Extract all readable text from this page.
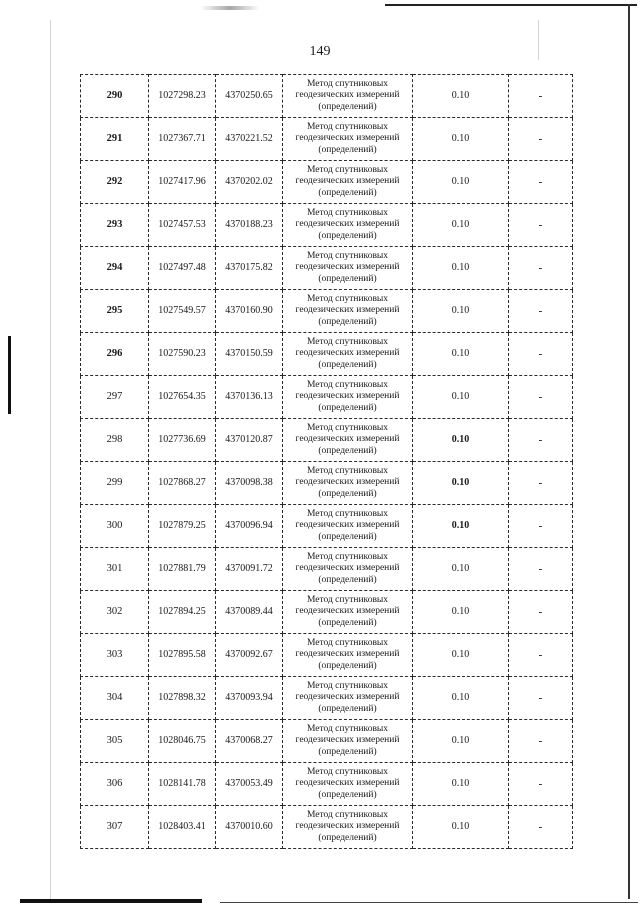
149
290	1027298.23	4370250.65	Метод спутниковых
геодезических измерений
(определений)	0.10	-
291	1027367.71	4370221.52	Метод спутниковых
геодезических измерений
(определений)	0.10	-
292	1027417.96	4370202.02	Метод спутниковых
геодезических измерений
(определений)	0.10	-
293	1027457.53	4370188.23	Метод спутниковых
геодезических измерений
(определений)	0.10	-
294	1027497.48	4370175.82	Метод спутниковых
геодезических измерений
(определений)	0.10	-
295	1027549.57	4370160.90	Метод спутниковых
геодезических измерений
(определений)	0.10	-
296	1027590.23	4370150.59	Метод спутниковых
геодезических измерений
(определений)	0.10	-
297	1027654.35	4370136.13	Метод спутниковых
геодезических измерений
(определений)	0.10	-
298	1027736.69	4370120.87	Метод спутниковых
геодезических измерений
(определений)	0.10	-
299	1027868.27	4370098.38	Метод спутниковых
геодезических измерений
(определений)	0.10	-
300	1027879.25	4370096.94	Метод спутниковых
геодезических измерений
(определений)	0.10	-
301	1027881.79	4370091.72	Метод спутниковых
геодезических измерений
(определений)	0.10	-
302	1027894.25	4370089.44	Метод спутниковых
геодезических измерений
(определений)	0.10	-
303	1027895.58	4370092.67	Метод спутниковых
геодезических измерений
(определений)	0.10	-
304	1027898.32	4370093.94	Метод спутниковых
геодезических измерений
(определений)	0.10	-
305	1028046.75	4370068.27	Метод спутниковых
геодезических измерений
(определений)	0.10	-
306	1028141.78	4370053.49	Метод спутниковых
геодезических измерений
(определений)	0.10	-
307	1028403.41	4370010.60	Метод спутниковых
геодезических измерений
(определений)	0.10	-
